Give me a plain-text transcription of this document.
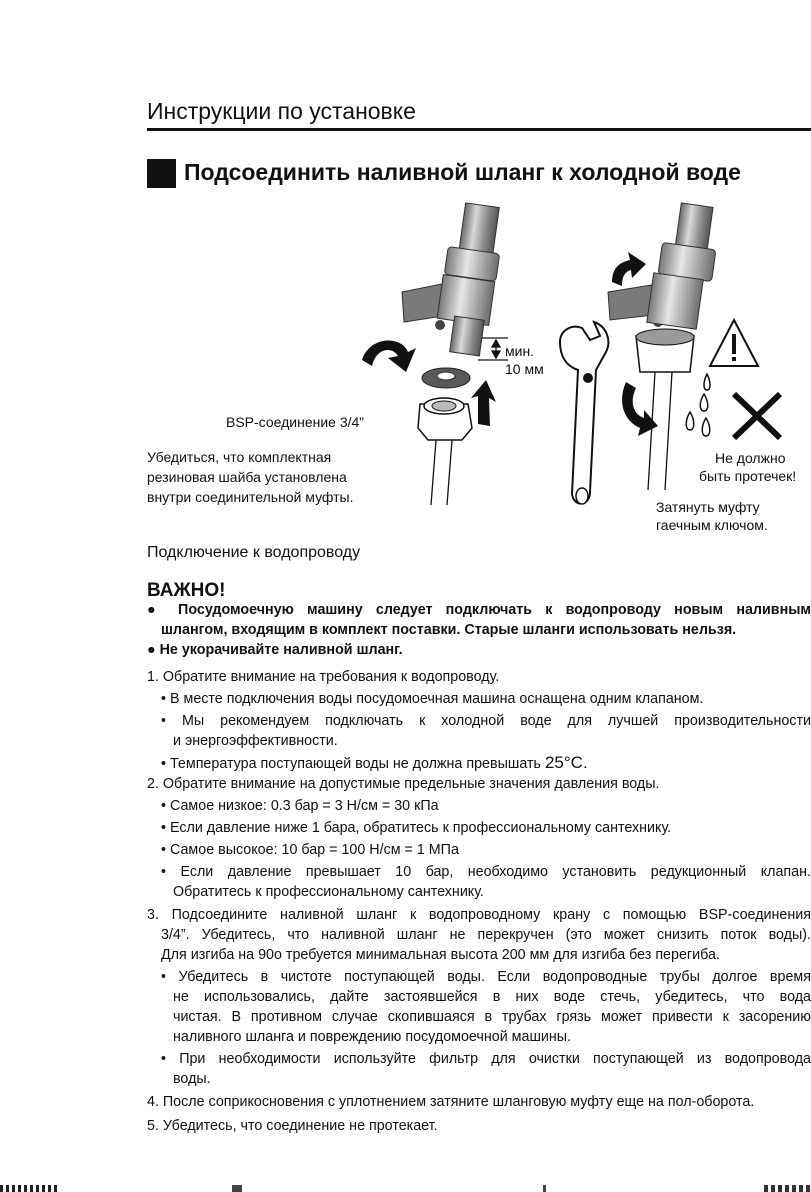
Инструкции по установке
Подсоединить наливной шланг к холодной воде
мин.
10 мм
BSP-соединение 3/4”
Убедиться, что комплектная
резиновая шайба установлена
внутри соединительной муфты.
Не должно
быть протечек!
Затянуть муфту
гаечным ключом.
Подключение к водопроводу
ВАЖНО!
● Посудомоечную машину следует подключать к водопроводу новым наливным
шлангом, входящим в комплект поставки. Старые шланги использовать нельзя.
● Не укорачивайте наливной шланг.
1. Обратите внимание на требования к водопроводу.
• В месте подключения воды посудомоечная машина оснащена одним клапаном.
• Мы рекомендуем подключать к холодной воде для лучшей производительности
и энергоэффективности.
• Температура поступающей воды не должна превышать 25°C.
2. Обратите внимание на допустимые предельные значения давления воды.
• Самое низкое: 0.3 бар = 3 Н/см = 30 кПа
• Если давление ниже 1 бара, обратитесь к профессиональному сантехнику.
• Самое высокое: 10 бар = 100 Н/см = 1 МПа
• Если давление превышает 10 бар, необходимо установить редукционный клапан.
Обратитесь к профессиональному сантехнику.
3. Подсоедините наливной шланг к водопроводному крану с помощью BSP-соединения
3/4”. Убедитесь, что наливной шланг не перекручен (это может снизить поток воды).
Для изгиба на 90о требуется минимальная высота 200 мм для изгиба без перегиба.
• Убедитесь в чистоте поступающей воды. Если водопроводные трубы долгое время
не использовались, дайте застоявшейся в них воде стечь, убедитесь, что вода
чистая. В противном случае скопившаяся в трубах грязь может привести к засорению
наливного шланга и повреждению посудомоечной машины.
• При необходимости используйте фильтр для очистки поступающей из водопровода
воды.
4. После соприкосновения с уплотнением затяните шланговую муфту еще на пол-оборота.
5. Убедитесь, что соединение не протекает.
